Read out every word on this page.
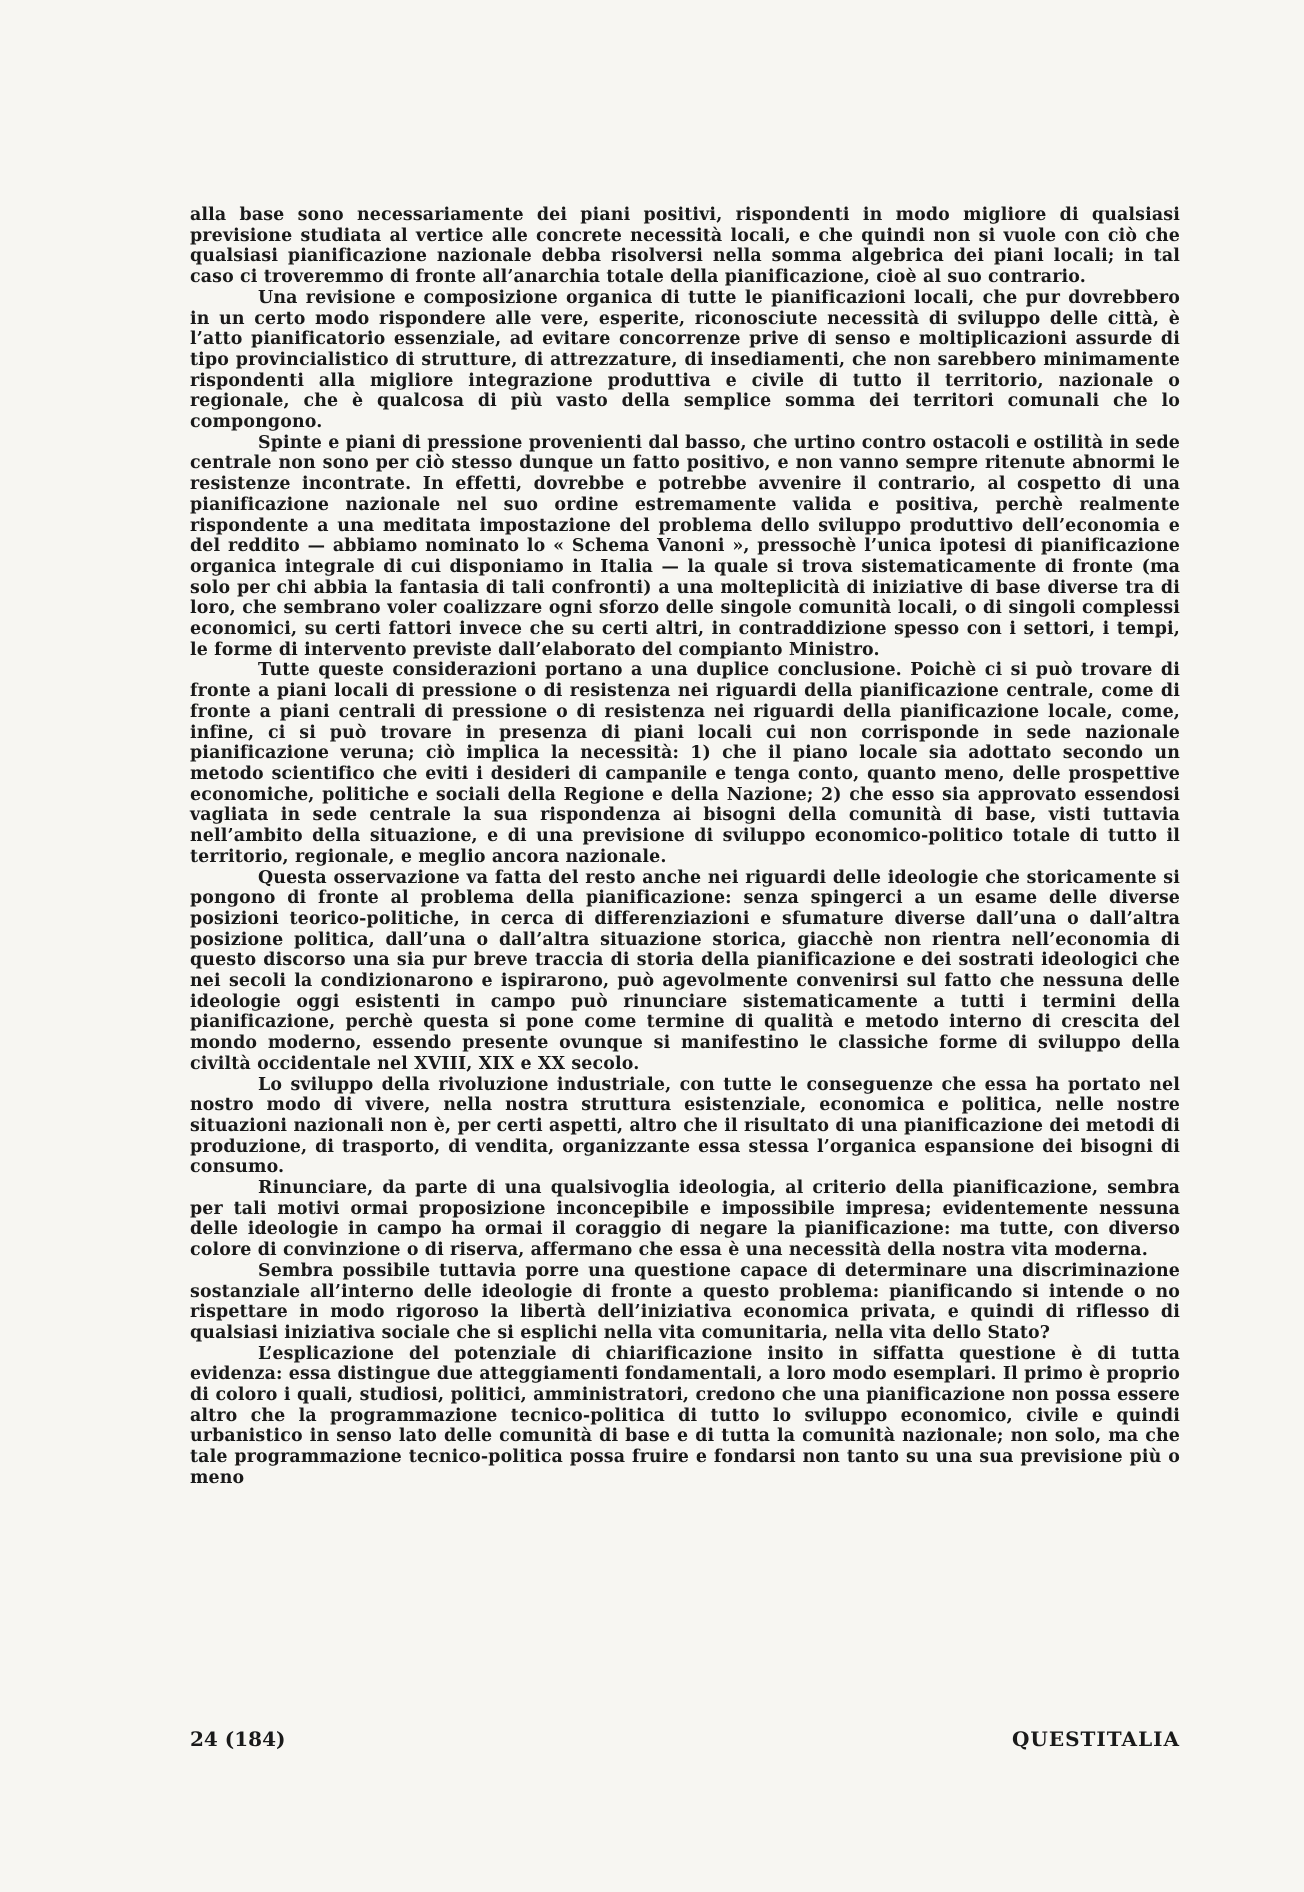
alla base sono necessariamente dei piani positivi, rispondenti in modo migliore di qualsiasi previsione studiata al vertice alle concrete necessità locali, e che quindi non si vuole con ciò che qualsiasi pianificazione nazionale debba risolversi nella somma algebrica dei piani locali; in tal caso ci troveremmo di fronte all’anarchia totale della pianificazione, cioè al suo contrario.

Una revisione e composizione organica di tutte le pianificazioni locali, che pur dovrebbero in un certo modo rispondere alle vere, esperite, riconosciute necessità di sviluppo delle città, è l’atto pianificatorio essenziale, ad evitare concorrenze prive di senso e moltiplicazioni assurde di tipo provincialistico di strutture, di attrezzature, di insediamenti, che non sarebbero minimamente rispondenti alla migliore integrazione produttiva e civile di tutto il territorio, nazionale o regionale, che è qualcosa di più vasto della semplice somma dei territori comunali che lo compongono.

Spinte e piani di pressione provenienti dal basso, che urtino contro ostacoli e ostilità in sede centrale non sono per ciò stesso dunque un fatto positivo, e non vanno sempre ritenute abnormi le resistenze incontrate. In effetti, dovrebbe e potrebbe avvenire il contrario, al cospetto di una pianificazione nazionale nel suo ordine estremamente valida e positiva, perchè realmente rispondente a una meditata impostazione del problema dello sviluppo produttivo dell’economia e del reddito — abbiamo nominato lo « Schema Vanoni », pressochè l’unica ipotesi di pianificazione organica integrale di cui disponiamo in Italia — la quale si trova sistematicamente di fronte (ma solo per chi abbia la fantasia di tali confronti) a una molteplicità di iniziative di base diverse tra di loro, che sembrano voler coalizzare ogni sforzo delle singole comunità locali, o di singoli complessi economici, su certi fattori invece che su certi altri, in contraddizione spesso con i settori, i tempi, le forme di intervento previste dall’elaborato del compianto Ministro.

Tutte queste considerazioni portano a una duplice conclusione. Poichè ci si può trovare di fronte a piani locali di pressione o di resistenza nei riguardi della pianificazione centrale, come di fronte a piani centrali di pressione o di resistenza nei riguardi della pianificazione locale, come, infine, ci si può trovare in presenza di piani locali cui non corrisponde in sede nazionale pianificazione veruna; ciò implica la necessità: 1) che il piano locale sia adottato secondo un metodo scientifico che eviti i desideri di campanile e tenga conto, quanto meno, delle prospettive economiche, politiche e sociali della Regione e della Nazione; 2) che esso sia approvato essendosi vagliata in sede centrale la sua rispondenza ai bisogni della comunità di base, visti tuttavia nell’ambito della situazione, e di una previsione di sviluppo economico-politico totale di tutto il territorio, regionale, e meglio ancora nazionale.

Questa osservazione va fatta del resto anche nei riguardi delle ideologie che storicamente si pongono di fronte al problema della pianificazione: senza spingerci a un esame delle diverse posizioni teorico-politiche, in cerca di differenziazioni e sfumature diverse dall’una o dall’altra posizione politica, dall’una o dall’altra situazione storica, giacchè non rientra nell’economia di questo discorso una sia pur breve traccia di storia della pianificazione e dei sostrati ideologici che nei secoli la condizionarono e ispirarono, può agevolmente convenirsi sul fatto che nessuna delle ideologie oggi esistenti in campo può rinunciare sistematicamente a tutti i termini della pianificazione, perchè questa si pone come termine di qualità e metodo interno di crescita del mondo moderno, essendo presente ovunque si manifestino le classiche forme di sviluppo della civiltà occidentale nel XVIII, XIX e XX secolo.

Lo sviluppo della rivoluzione industriale, con tutte le conseguenze che essa ha portato nel nostro modo di vivere, nella nostra struttura esistenziale, economica e politica, nelle nostre situazioni nazionali non è, per certi aspetti, altro che il risultato di una pianificazione dei metodi di produzione, di trasporto, di vendita, organizzante essa stessa l’organica espansione dei bisogni di consumo.

Rinunciare, da parte di una qualsivoglia ideologia, al criterio della pianificazione, sembra per tali motivi ormai proposizione inconcepibile e impossibile impresa; evidentemente nessuna delle ideologie in campo ha ormai il coraggio di negare la pianificazione: ma tutte, con diverso colore di convinzione o di riserva, affermano che essa è una necessità della nostra vita moderna.

Sembra possibile tuttavia porre una questione capace di determinare una discriminazione sostanziale all’interno delle ideologie di fronte a questo problema: pianificando si intende o no rispettare in modo rigoroso la libertà dell’iniziativa economica privata, e quindi di riflesso di qualsiasi iniziativa sociale che si esplichi nella vita comunitaria, nella vita dello Stato?

L’esplicazione del potenziale di chiarificazione insito in siffatta questione è di tutta evidenza: essa distingue due atteggiamenti fondamentali, a loro modo esemplari. Il primo è proprio di coloro i quali, studiosi, politici, amministratori, credono che una pianificazione non possa essere altro che la programmazione tecnico-politica di tutto lo sviluppo economico, civile e quindi urbanistico in senso lato delle comunità di base e di tutta la comunità nazionale; non solo, ma che tale programmazione tecnico-politica possa fruire e fondarsi non tanto su una sua previsione più o meno

24 (184)	QUESTITALIA
